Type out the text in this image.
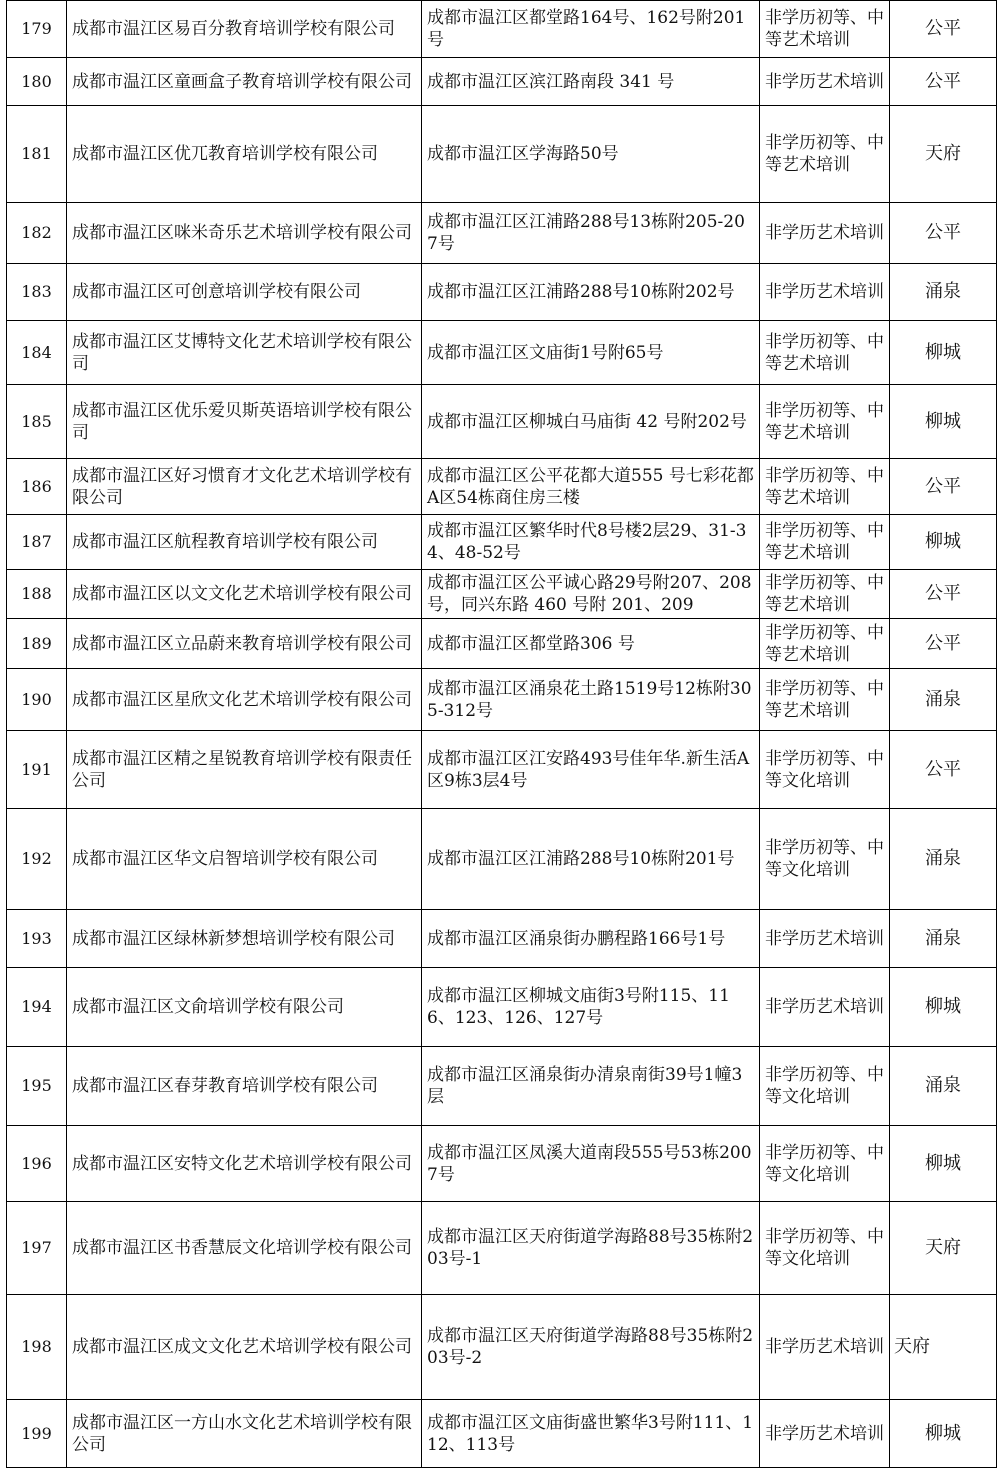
179	成都市温江区易百分教育培训学校有限公司	成都市温江区都堂路164号、162号附201号	非学历初等、中等艺术培训	公平
180	成都市温江区童画盒子教育培训学校有限公司	成都市温江区滨江路南段 341 号	非学历艺术培训	公平
181	成都市温江区优兀教育培训学校有限公司	成都市温江区学海路50号	非学历初等、中等艺术培训	天府
182	成都市温江区咪米奇乐艺术培训学校有限公司	成都市温江区江浦路288号13栋附205-207号	非学历艺术培训	公平
183	成都市温江区可创意培训学校有限公司	成都市温江区江浦路288号10栋附202号	非学历艺术培训	涌泉
184	成都市温江区艾博特文化艺术培训学校有限公司	成都市温江区文庙街1号附65号	非学历初等、中等艺术培训	柳城
185	成都市温江区优乐爱贝斯英语培训学校有限公司	成都市温江区柳城白马庙街 42 号附202号	非学历初等、中等艺术培训	柳城
186	成都市温江区好习惯育才文化艺术培训学校有限公司	成都市温江区公平花都大道555 号七彩花都A区54栋商住房三楼	非学历初等、中等艺术培训	公平
187	成都市温江区航程教育培训学校有限公司	成都市温江区繁华时代8号楼2层29、31-34、48-52号	非学历初等、中等艺术培训	柳城
188	成都市温江区以文文化艺术培训学校有限公司	成都市温江区公平诚心路29号附207、208号，同兴东路 460 号附 201、209	非学历初等、中等艺术培训	公平
189	成都市温江区立品蔚来教育培训学校有限公司	成都市温江区都堂路306 号	非学历初等、中等艺术培训	公平
190	成都市温江区星欣文化艺术培训学校有限公司	成都市温江区涌泉花土路1519号12栋附305-312号	非学历初等、中等艺术培训	涌泉
191	成都市温江区精之星锐教育培训学校有限责任公司	成都市温江区江安路493号佳年华.新生活A区9栋3层4号	非学历初等、中等文化培训	公平
192	成都市温江区华文启智培训学校有限公司	成都市温江区江浦路288号10栋附201号	非学历初等、中等文化培训	涌泉
193	成都市温江区绿林新梦想培训学校有限公司	成都市温江区涌泉街办鹏程路166号1号	非学历艺术培训	涌泉
194	成都市温江区文俞培训学校有限公司	成都市温江区柳城文庙街3号附115、116、123、126、127号	非学历艺术培训	柳城
195	成都市温江区春芽教育培训学校有限公司	成都市温江区涌泉街办清泉南街39号1幢3层	非学历初等、中等文化培训	涌泉
196	成都市温江区安特文化艺术培训学校有限公司	成都市温江区凤溪大道南段555号53栋2007号	非学历初等、中等文化培训	柳城
197	成都市温江区书香慧辰文化培训学校有限公司	成都市温江区天府街道学海路88号35栋附203号-1	非学历初等、中等文化培训	天府
198	成都市温江区成文文化艺术培训学校有限公司	成都市温江区天府街道学海路88号35栋附203号-2	非学历艺术培训	天府
199	成都市温江区一方山水文化艺术培训学校有限公司	成都市温江区文庙街盛世繁华3号附111、112、113号	非学历艺术培训	柳城
